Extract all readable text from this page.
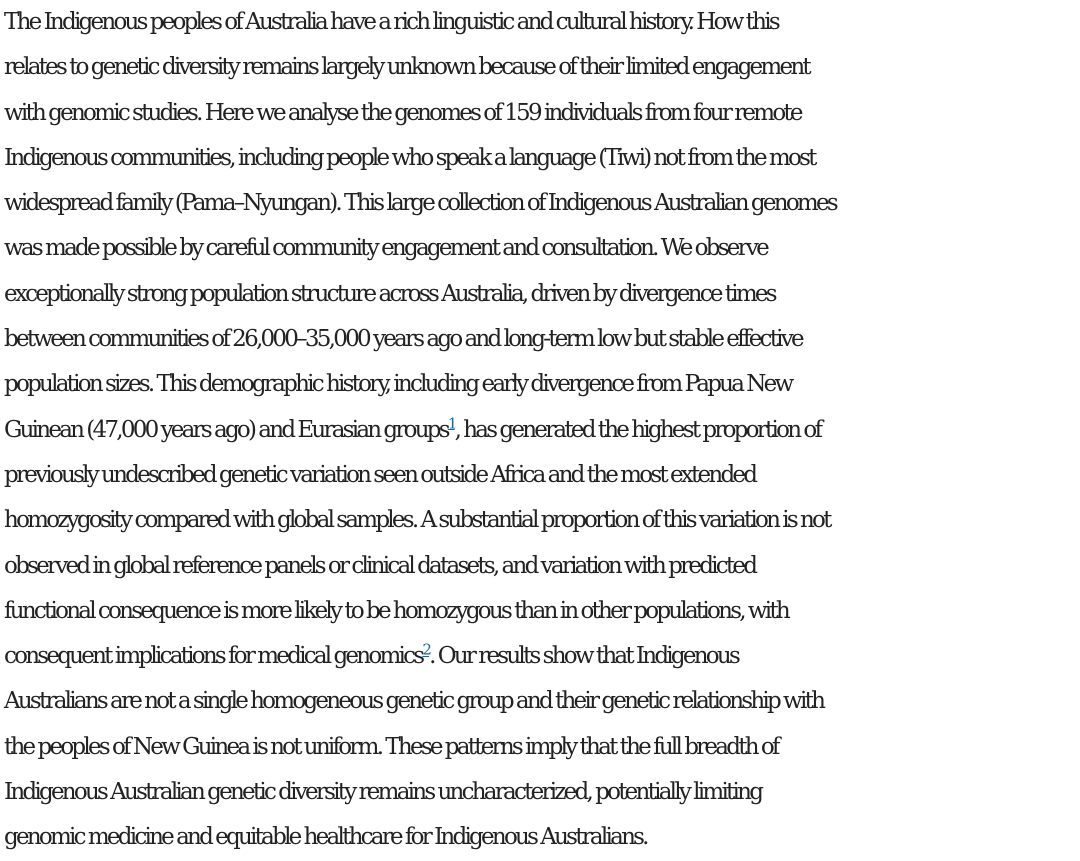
The Indigenous peoples of Australia have a rich linguistic and cultural history. How this
relates to genetic diversity remains largely unknown because of their limited engagement
with genomic studies. Here we analyse the genomes of 159 individuals from four remote
Indigenous communities, including people who speak a language (Tiwi) not from the most
widespread family (Pama–Nyungan). This large collection of Indigenous Australian genomes
was made possible by careful community engagement and consultation. We observe
exceptionally strong population structure across Australia, driven by divergence times
between communities of 26,000–35,000 years ago and long-term low but stable effective
population sizes. This demographic history, including early divergence from Papua New
Guinean (47,000 years ago) and Eurasian groups$^1$, has generated the highest proportion of
previously undescribed genetic variation seen outside Africa and the most extended
homozygosity compared with global samples. A substantial proportion of this variation is not
observed in global reference panels or clinical datasets, and variation with predicted
functional consequence is more likely to be homozygous than in other populations, with
consequent implications for medical genomics$^2$. Our results show that Indigenous
Australians are not a single homogeneous genetic group and their genetic relationship with
the peoples of New Guinea is not uniform. These patterns imply that the full breadth of
Indigenous Australian genetic diversity remains uncharacterized, potentially limiting
genomic medicine and equitable healthcare for Indigenous Australians.
